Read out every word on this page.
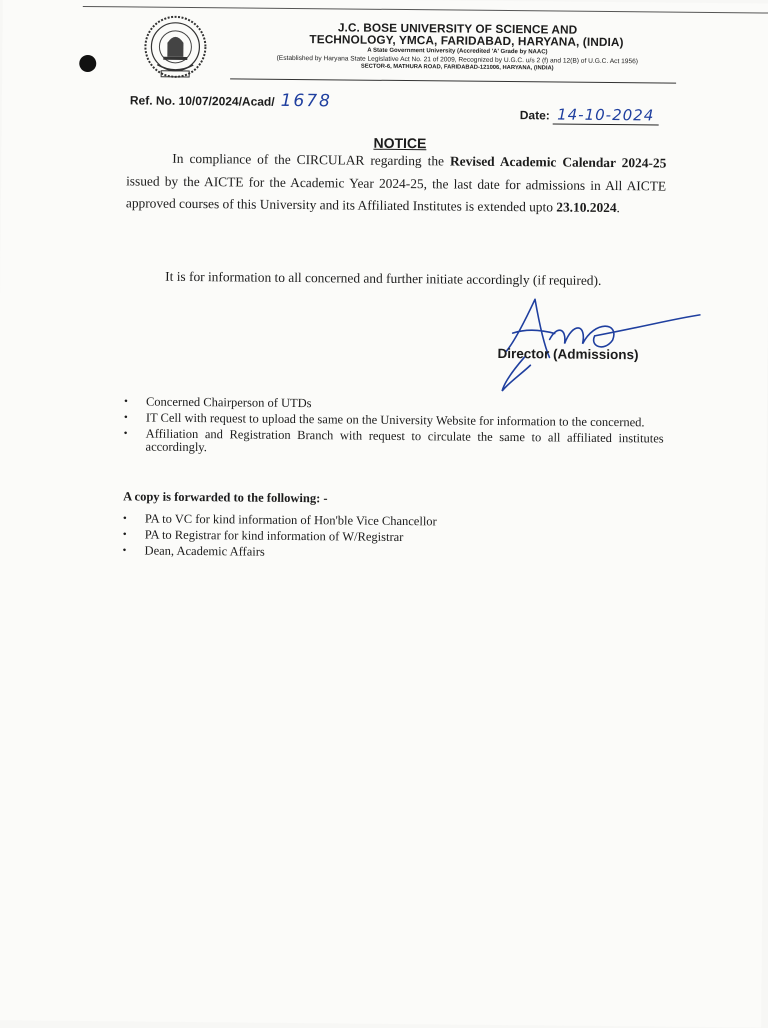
J.C. BOSE UNIVERSITY OF SCIENCE AND
TECHNOLOGY, YMCA, FARIDABAD, HARYANA, (INDIA)
A State Government University (Accredited 'A' Grade by NAAC)
(Established by Haryana State Legislative Act No. 21 of 2009, Recognized by U.G.C. u/s 2 (f) and 12(B) of U.G.C. Act 1956)
SECTOR-6, MATHURA ROAD, FARIDABAD-121006, HARYANA, (INDIA)
Ref. No. 10/07/2024/Acad/ 1678
Date: 14-10-2024
NOTICE
In compliance of the CIRCULAR regarding the Revised Academic Calendar 2024-25 issued by the AICTE for the Academic Year 2024-25, the last date for admissions in All AICTE approved courses of this University and its Affiliated Institutes is extended upto 23.10.2024.
It is for information to all concerned and further initiate accordingly (if required).
Director (Admissions)
• Concerned Chairperson of UTDs
• IT Cell with request to upload the same on the University Website for information to the concerned.
• Affiliation and Registration Branch with request to circulate the same to all affiliated institutes accordingly.
A copy is forwarded to the following: -
• PA to VC for kind information of Hon'ble Vice Chancellor
• PA to Registrar for kind information of W/Registrar
• Dean, Academic Affairs
